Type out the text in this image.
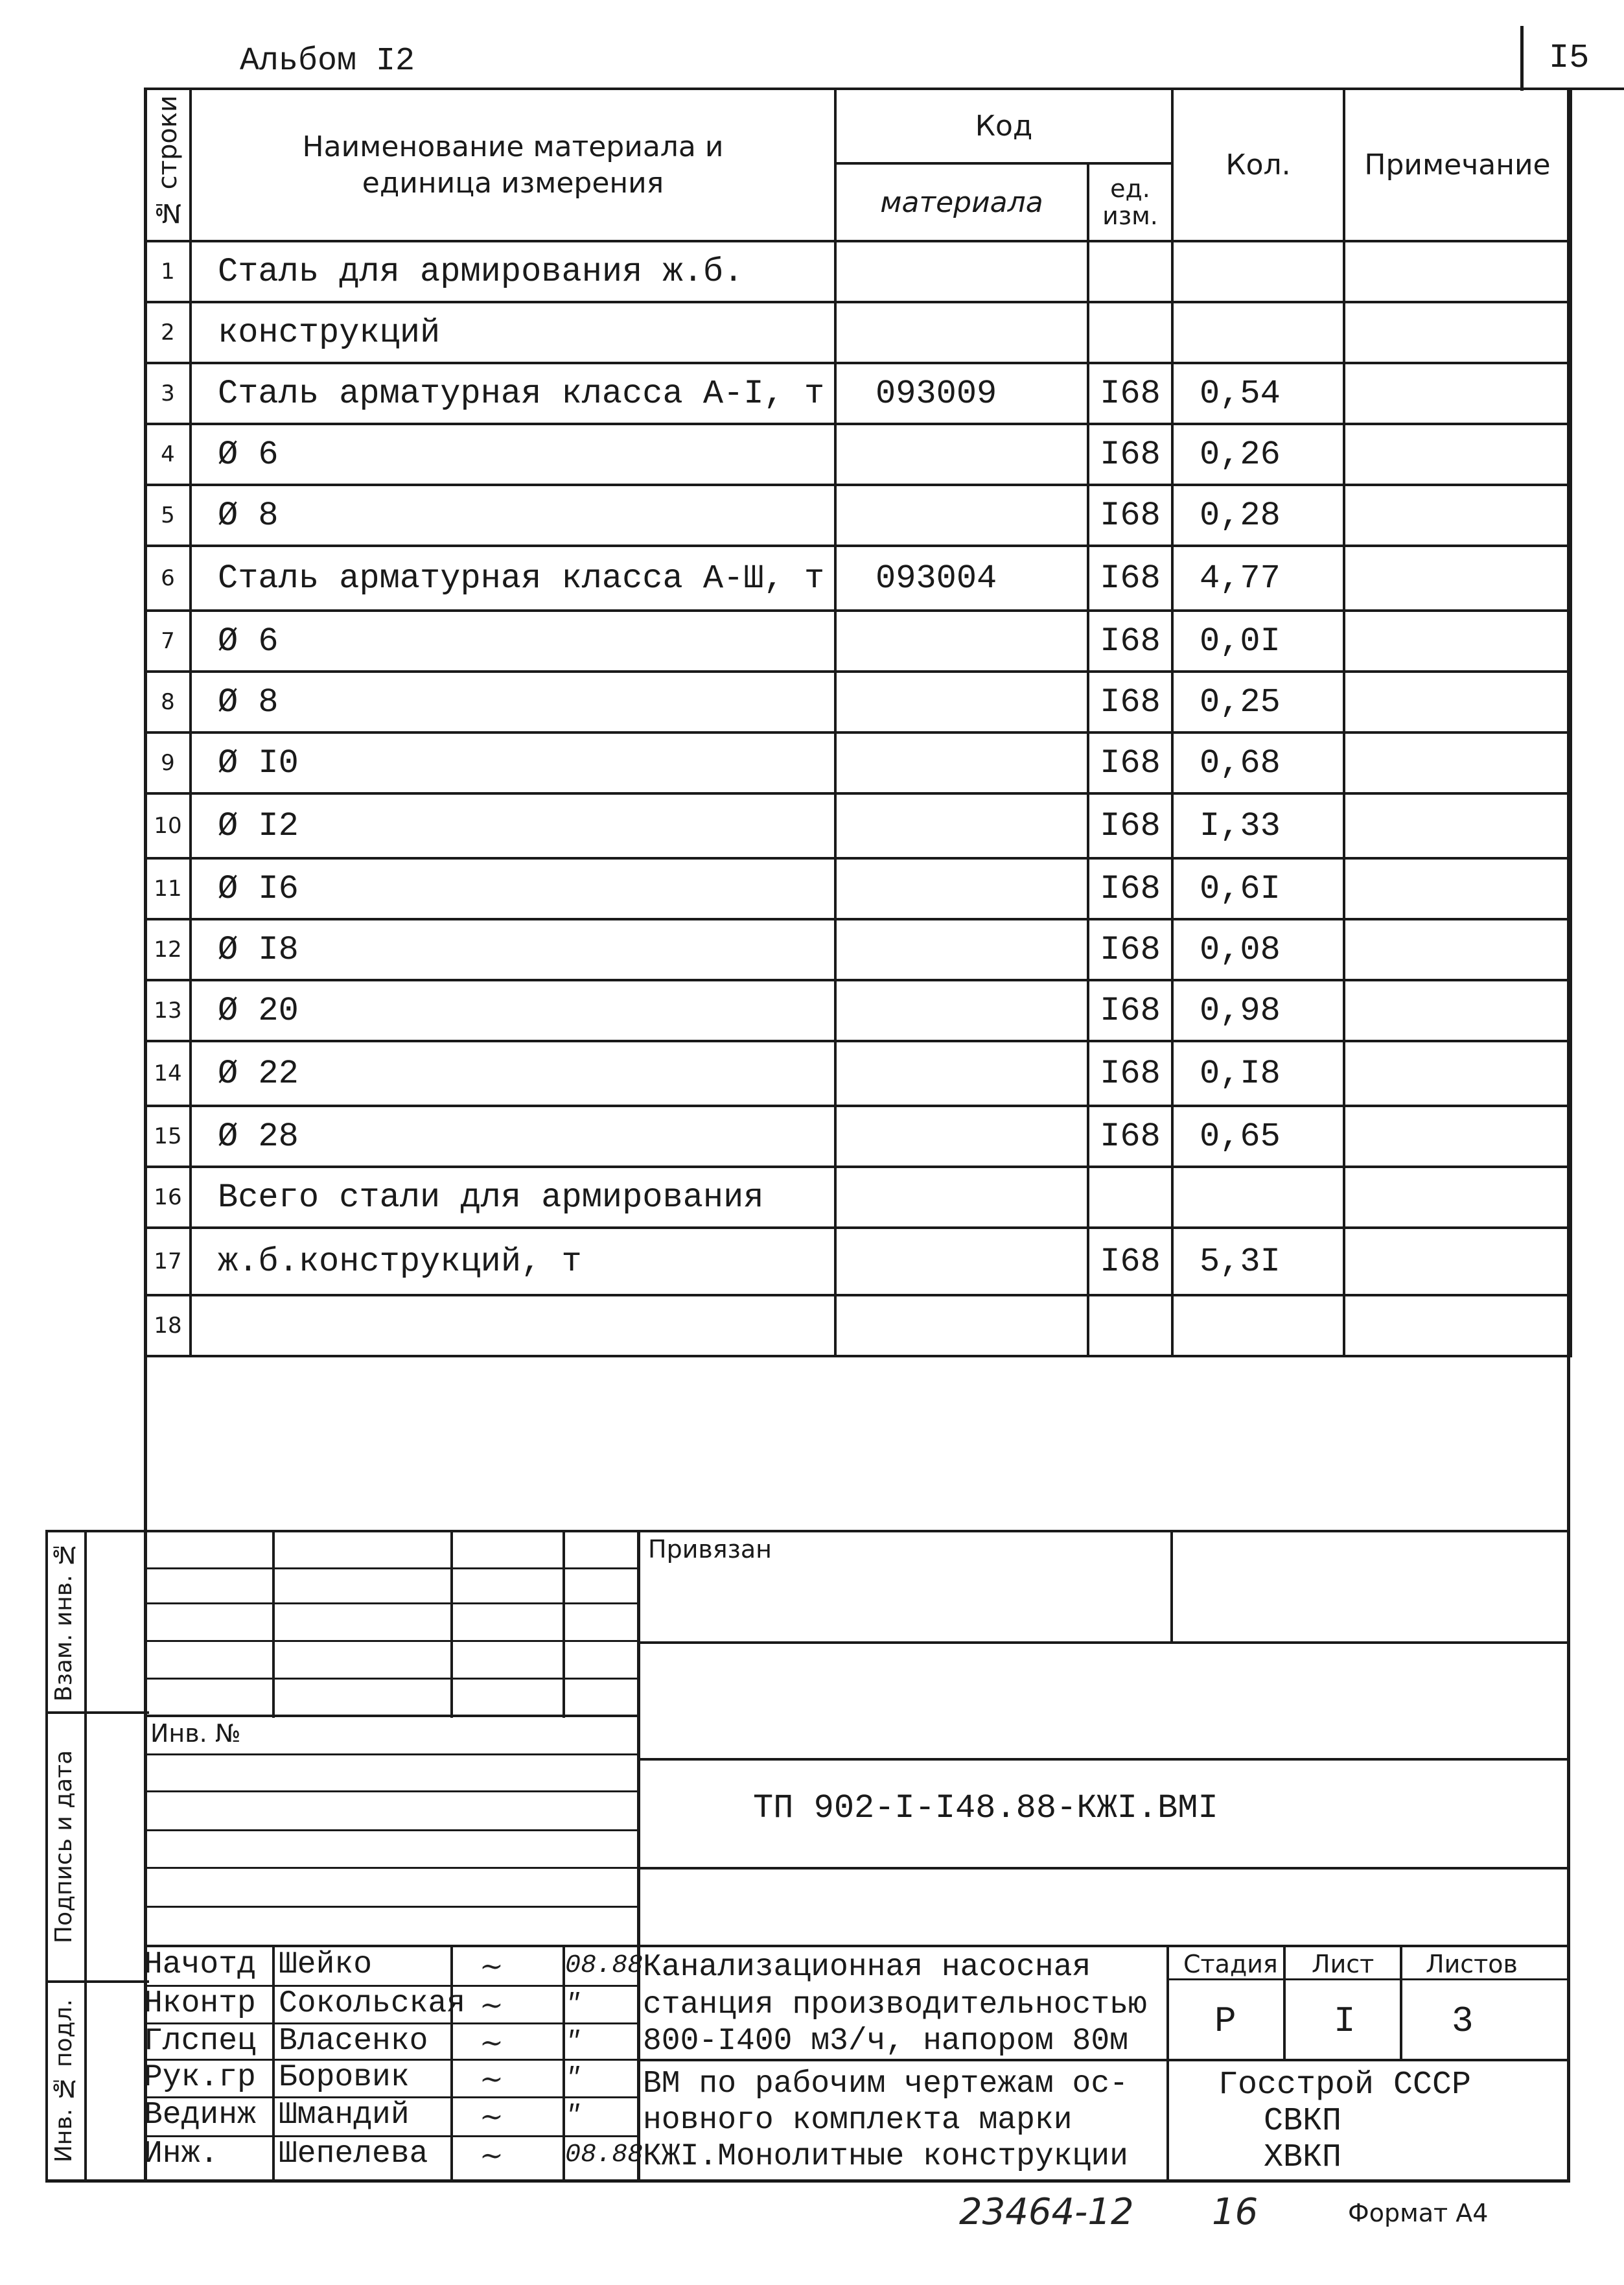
Альбом I2	I5
№ строки	Наименование материала и единица измерения	Код		Кол.	Примечание
		материала	ед. изм.		
1	Сталь для армирования ж.б.				
2	конструкций				
3	Сталь арматурная класса А-I, т	093009	I68	0,54	
4	Ø 6		I68	0,26	
5	Ø 8		I68	0,28	
6	Сталь арматурная класса А-Ш, т	093004	I68	4,77	
7	Ø 6		I68	0,0I	
8	Ø 8		I68	0,25	
9	Ø I0		I68	0,68	
10	Ø I2		I68	I,33	
11	Ø I6		I68	0,6I	
12	Ø I8		I68	0,08	
13	Ø 20		I68	0,98	
14	Ø 22		I68	0,I8	
15	Ø 28		I68	0,65	
16	Всего стали для армирования				
17	ж.б.конструкций, т		I68	5,3I	
18					
Взам. инв. №
Подпись и дата
Инв. № подл.
Инв. №
Начотд Шейко	~ 08.88
Нконтр Сокольская ~ "
Глспец Власенко ~ "
Рук.гр Боровик ~ "
Вединж Шмандий ~ "
Инж. Шепелева ~ 08.88
Привязан
ТП 902-I-I48.88-КЖI.ВМI
Канализационная насосная
станция производительностью
800-I400 м3/ч, напором 80м
Стадия Лист Листов
Р	I	3
ВМ по рабочим чертежам ос-
новного комплекта марки
КЖI.Монолитные конструкции
Госстрой СССР
СВКП
ХВКП
23464-12 16	Формат А4
